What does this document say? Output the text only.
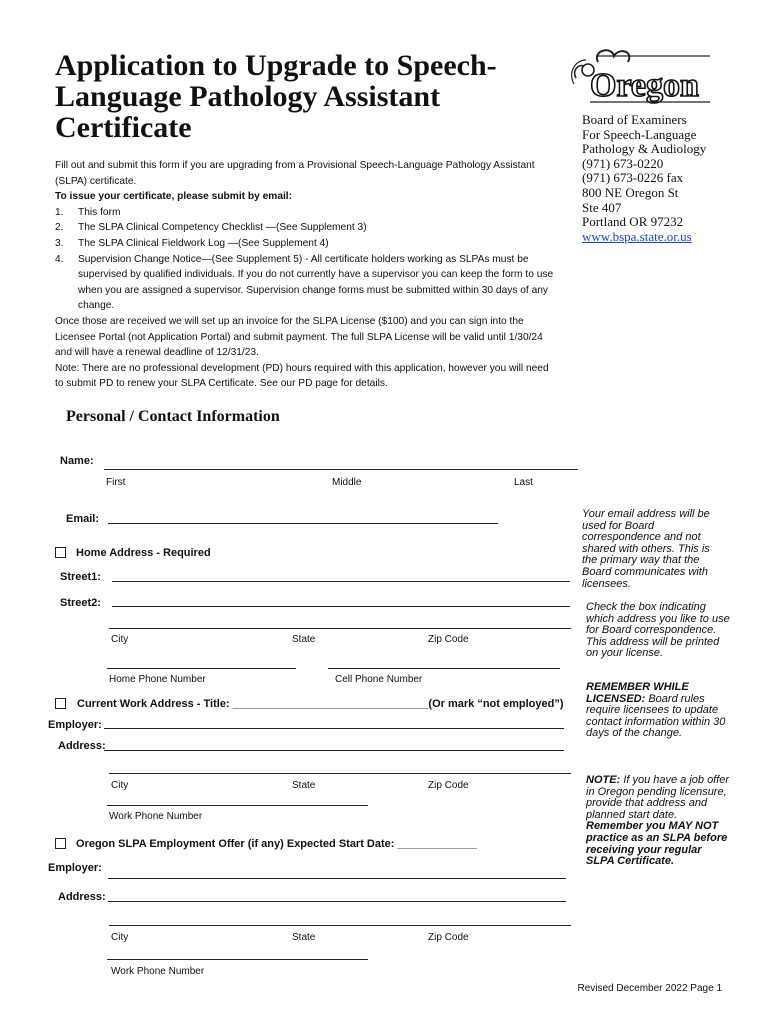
Application to Upgrade to Speech-Language Pathology Assistant Certificate
Oregon
Board of Examiners
For Speech-Language
Pathology & Audiology
(971) 673-0220
(971) 673-0226 fax
800 NE Oregon St
Ste 407
Portland OR 97232
www.bspa.state.or.us

Fill out and submit this form if you are upgrading from a Provisional Speech-Language Pathology Assistant (SLPA) certificate.

To issue your certificate, please submit by email:

1. This form
2. The SLPA Clinical Competency Checklist —(See Supplement 3)
3. The SLPA Clinical Fieldwork Log —(See Supplement 4)
4. Supervision Change Notice—(See Supplement 5) - All certificate holders working as SLPAs must be supervised by qualified individuals. If you do not currently have a supervisor you can keep the form to use when you are assigned a supervisor. Supervision change forms must be submitted within 30 days of any change.

Once those are received we will set up an invoice for the SLPA License ($100) and you can sign into the Licensee Portal (not Application Portal) and submit payment. The full SLPA License will be valid until 1/30/24 and will have a renewal deadline of 12/31/23.

Note: There are no professional development (PD) hours required with this application, however you will need to submit PD to renew your SLPA Certificate. See our PD page for details.

Personal / Contact Information
Name:
First	Middle	Last
Email:
Home Address - Required
Street1:
Street2:
City	State	Zip Code
Home Phone Number	Cell Phone Number
Current Work Address - Title: ________________________________(Or mark “not employed”)
Employer:
Address:
City	State	Zip Code
Work Phone Number
Oregon SLPA Employment Offer (if any) Expected Start Date: _____________
Employer:
Address:
City	State	Zip Code
Work Phone Number
Your email address will be used for Board correspondence and not shared with others. This is the primary way that the Board communicates with licensees.
Check the box indicating which address you like to use for Board correspondence. This address will be printed on your license.
REMEMBER WHILE LICENSED: Board rules require licensees to update contact information within 30 days of the change.
NOTE: If you have a job offer in Oregon pending licensure, provide that address and planned start date. Remember you MAY NOT practice as an SLPA before receiving your regular SLPA Certificate.
Revised December 2022 Page 1
